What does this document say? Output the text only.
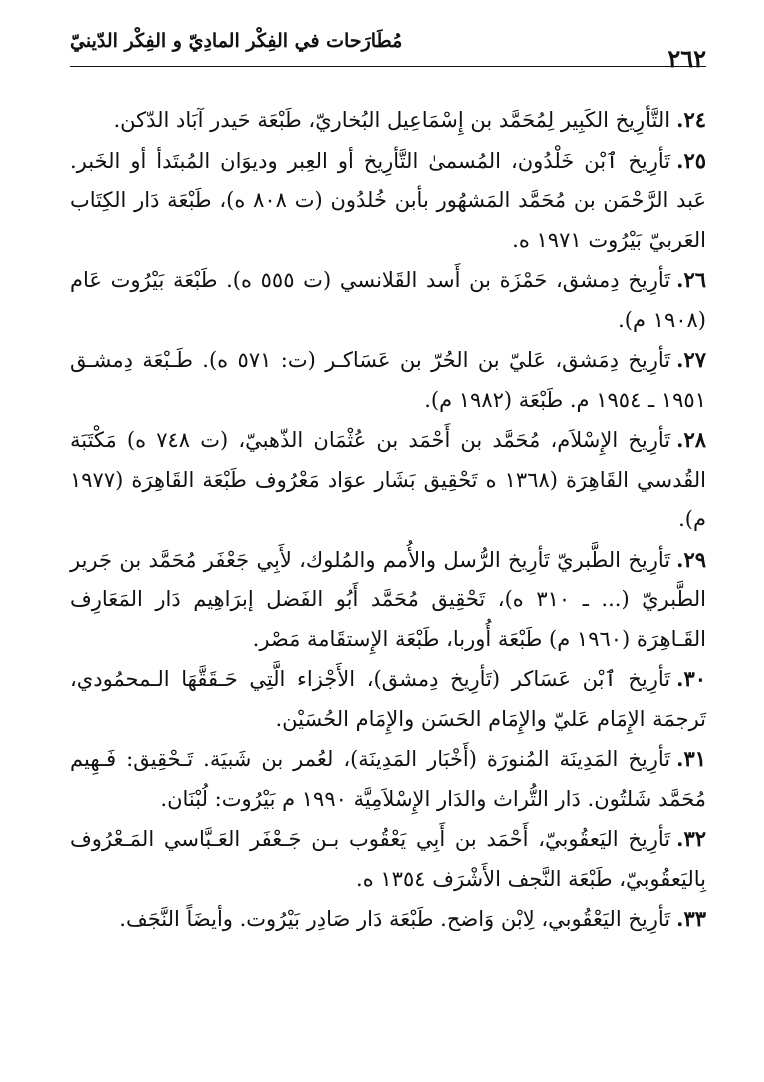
مُطَارَحات في الفِكْر المادِيّ و الفِكْر الدّينيّ
٢٦٢

٢٤.التَّأرِيخ الكَبِير لِمُحَمَّد بن إِسْمَاعِيل البُخاريّ، طَبْعَة حَيدر آبَاد الدّكن.

٢٥.تَأرِيخ ٱبْن خَلْدُون، المُسمىٰ التَّأرِيخ أو العِبر وديوَان المُبتَدأ أو الخَبر. عَبد الرَّحْمَن بن مُحَمَّد المَشهُور بأبن خُلدُون (ت ٨٠٨ ه)، طَبْعَة دَار الكِتَاب العَربيّ بَيْرُوت ١٩٧١ ه.

٢٦.تَأرِيخ دِمشق، حَمْزَة بن أَسد القَلانسي (ت ٥٥٥ ه). طَبْعَة بَيْرُوت عَام (١٩٠٨ م).

٢٧.تَأرِيخ دِمَشق، عَليّ بن الحُرّ بن عَسَاكـر (ت: ٥٧١ ه). طَـبْعَة دِمشـق ١٩٥١ ـ ١٩٥٤ م. طَبْعَة (١٩٨٢ م).

٢٨.تَأرِيخ الإِسْلاَم، مُحَمَّد بن أَحْمَد بن عُثْمَان الذّهبيّ، (ت ٧٤٨ ه) مَكْتَبَة القُدسي القَاهِرَة (١٣٦٨ ه تَحْقِيق بَشَار عوَاد مَعْرُوف طَبْعَة القَاهِرَة (١٩٧٧ م).

٢٩.تَأرِيخ الطَّبريّ تَأرِيخ الرُّسل والأُمم والمُلوك، لأَبِي جَعْفَر مُحَمَّد بن جَرير الطَّبريّ (... ـ ٣١٠ ه)، تَحْقِيق مُحَمَّد أَبُو الفَضل إبرَاهِيم دَار المَعَارِف القَـاهِرَة (١٩٦٠ م) طَبْعَة أُوربا، طَبْعَة الإِستقَامة مَصْر.

٣٠.تَأرِيخ ٱبْن عَسَاكر (تَأرِيخ دِمشق)، الأَجْزاء الَّتِي حَـقَقَّهَا الـمحمُودي، تَرجمَة الإِمَام عَليّ والإِمَام الحَسَن والإِمَام الحُسَيْن.

٣١.تَأرِيخ المَدِينَة المُنورَة (أَخْبَار المَدِينَة)، لعُمر بن شَبيَة. تَـحْقِيق: فَـهِيم مُحَمَّد شَلتُون. دَار التُّراث والدَار الإِسْلاَمِيَّة ١٩٩٠ م بَيْرُوت: لُبْنَان.

٣٢.تَأرِيخ اليَعقُوبيّ، أَحْمَد بن أَبِي يَعْقُوب بـن جَـعْفَر العَـبَّاسي المَـعْرُوف بِاليَعقُوبيّ، طَبْعَة النَّجف الأَشْرَف ١٣٥٤ ه.

٣٣.تَأرِيخ اليَعْقُوبي، لِابْن وَاضح. طَبْعَة دَار صَادِر بَيْرُوت. وأيضَاً النَّجَف.
